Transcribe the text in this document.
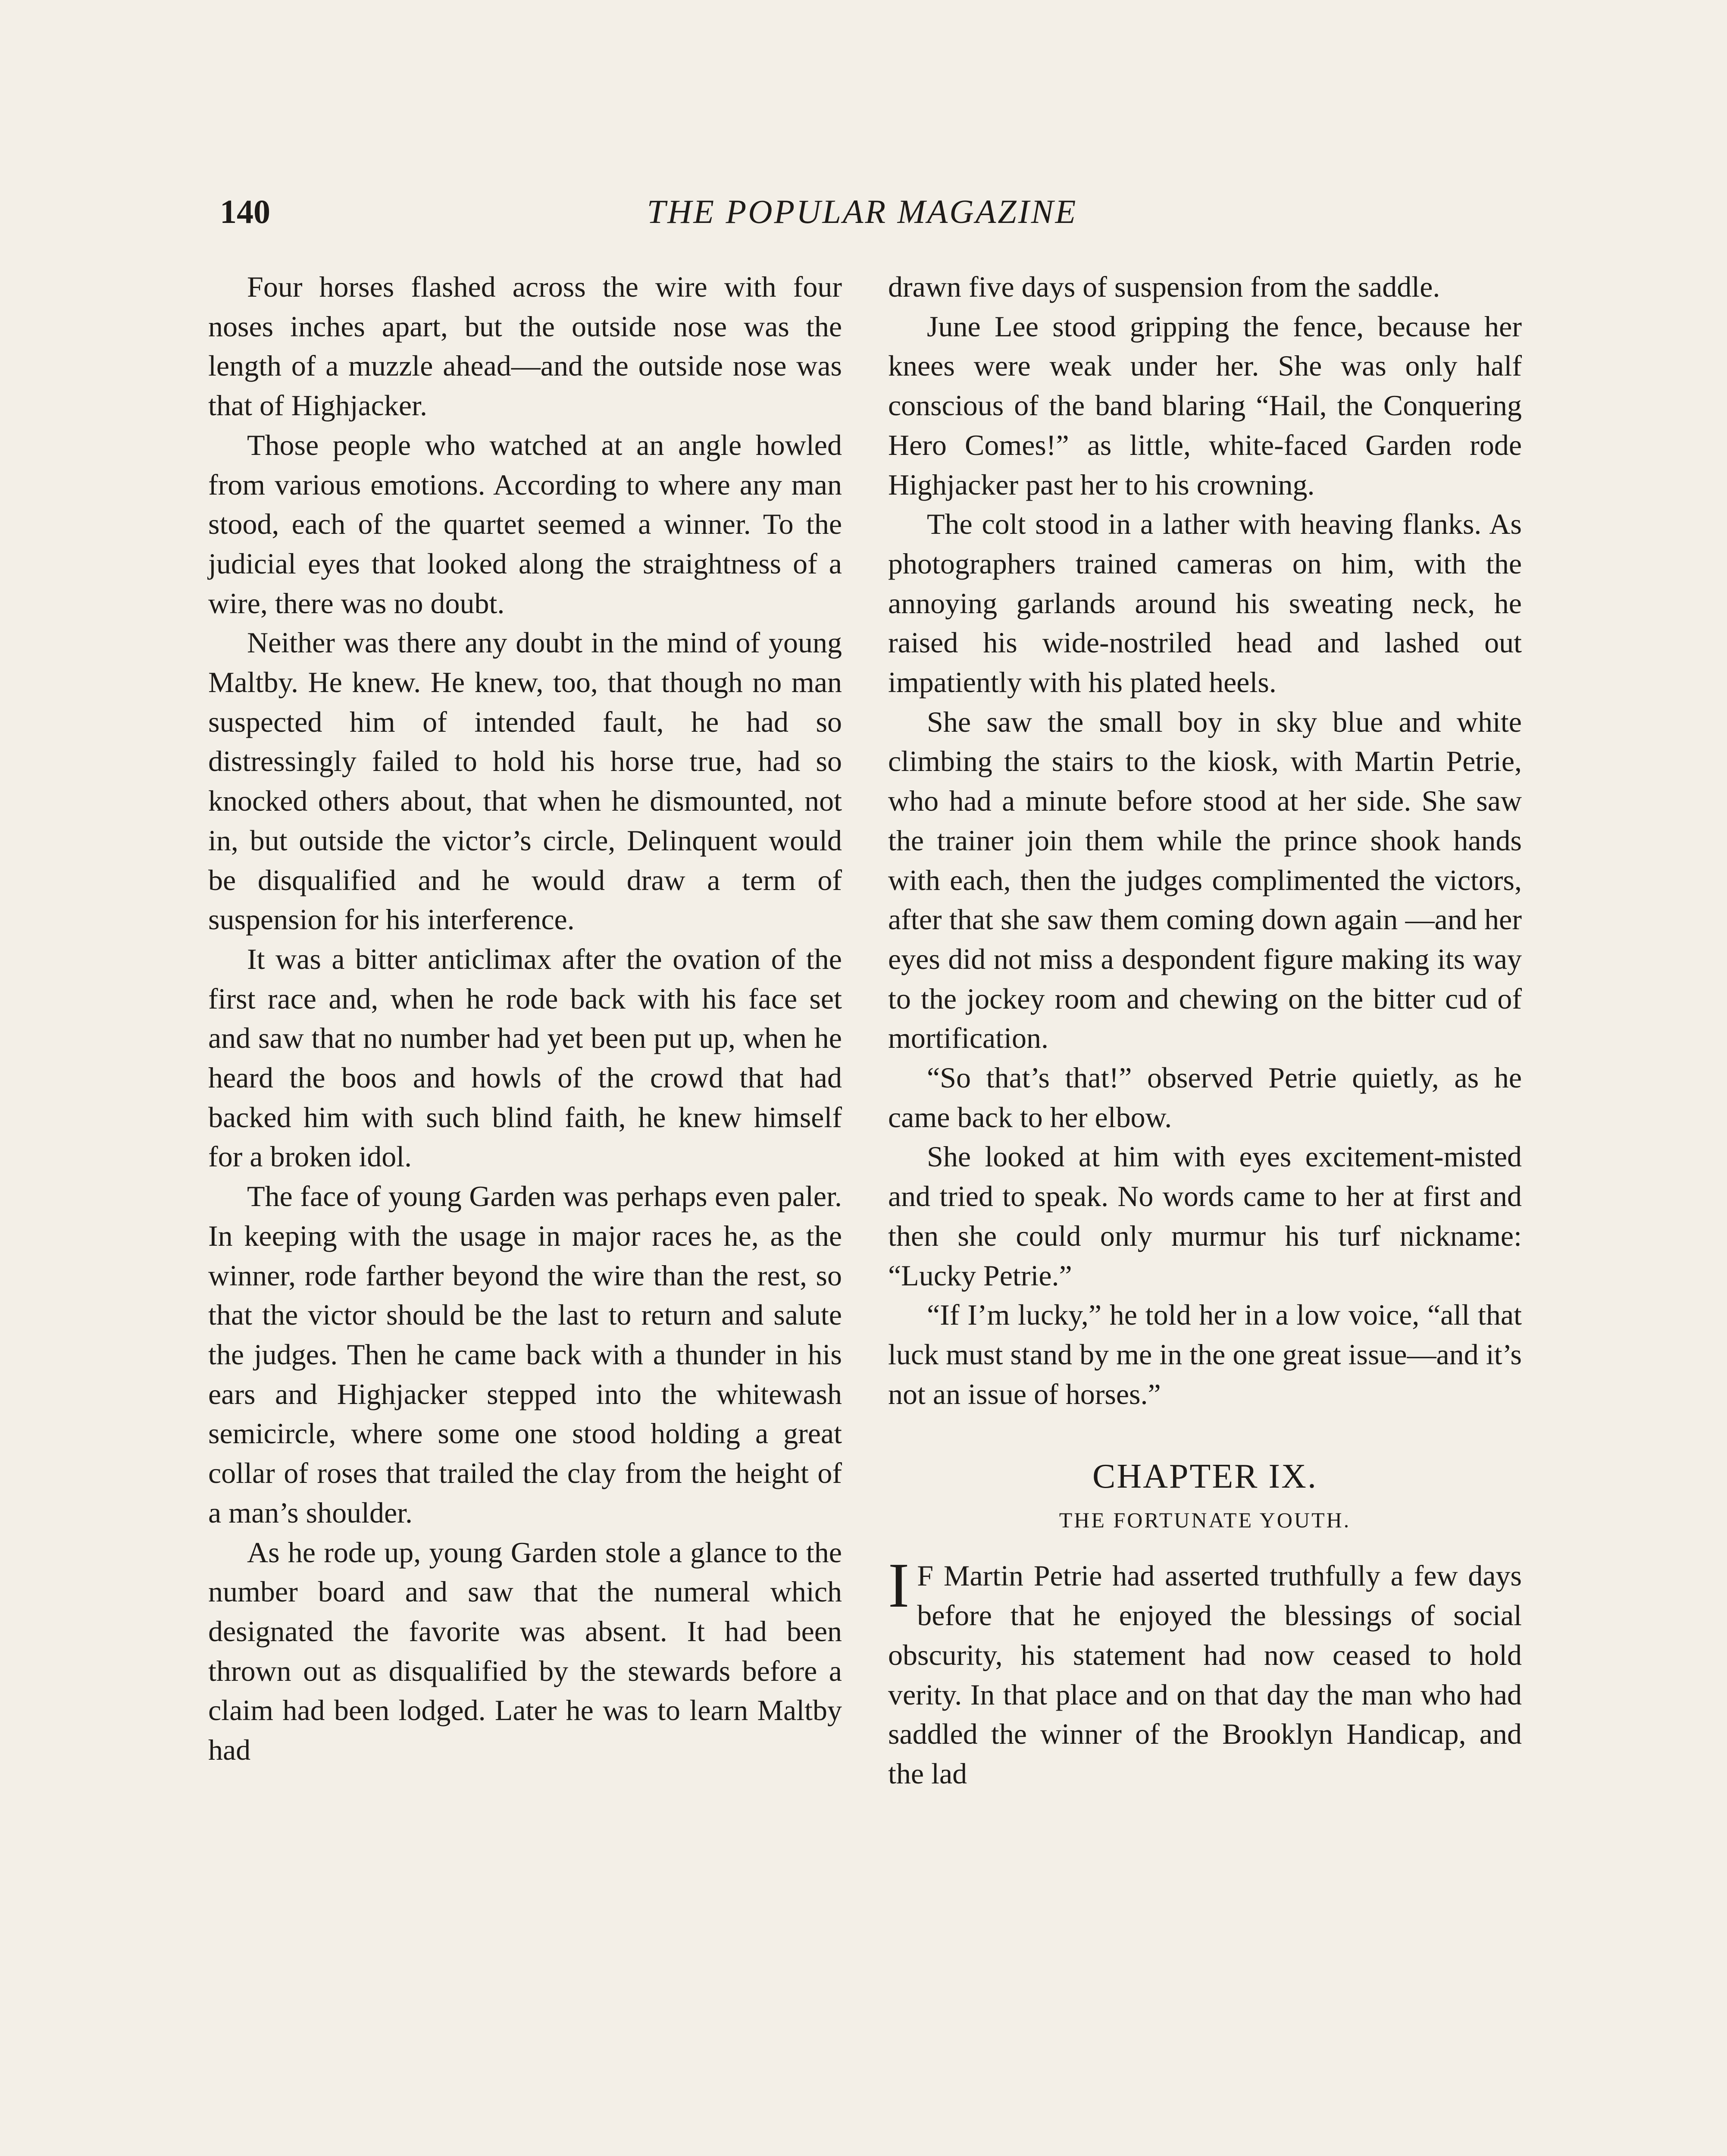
140	THE POPULAR MAGAZINE

Four horses flashed across the wire with four noses inches apart, but the outside nose was the length of a muzzle ahead—and the outside nose was that of Highjacker.

Those people who watched at an angle howled from various emotions. According to where any man stood, each of the quartet seemed a winner. To the judicial eyes that looked along the straightness of a wire, there was no doubt.

Neither was there any doubt in the mind of young Maltby. He knew. He knew, too, that though no man suspected him of intended fault, he had so distressingly failed to hold his horse true, had so knocked others about, that when he dismounted, not in, but outside the victor’s circle, Delinquent would be disqualified and he would draw a term of suspension for his interference.

It was a bitter anticlimax after the ovation of the first race and, when he rode back with his face set and saw that no number had yet been put up, when he heard the boos and howls of the crowd that had backed him with such blind faith, he knew himself for a broken idol.

The face of young Garden was perhaps even paler. In keeping with the usage in major races he, as the winner, rode farther beyond the wire than the rest, so that the victor should be the last to return and salute the judges. Then he came back with a thunder in his ears and Highjacker stepped into the whitewash semicircle, where some one stood holding a great collar of roses that trailed the clay from the height of a man’s shoulder.

As he rode up, young Garden stole a glance to the number board and saw that the numeral which designated the favorite was absent. It had been thrown out as disqualified by the stewards before a claim had been lodged. Later he was to learn Maltby had

drawn five days of suspension from the saddle.

June Lee stood gripping the fence, because her knees were weak under her. She was only half conscious of the band blaring “Hail, the Conquering Hero Comes!” as little, white-faced Garden rode Highjacker past her to his crowning.

The colt stood in a lather with heaving flanks. As photographers trained cameras on him, with the annoying garlands around his sweating neck, he raised his wide-nostriled head and lashed out impatiently with his plated heels.

She saw the small boy in sky blue and white climbing the stairs to the kiosk, with Martin Petrie, who had a minute before stood at her side. She saw the trainer join them while the prince shook hands with each, then the judges complimented the victors, after that she saw them coming down again —and her eyes did not miss a despondent figure making its way to the jockey room and chewing on the bitter cud of mortification.

“So that’s that!” observed Petrie quietly, as he came back to her elbow.

She looked at him with eyes excitement-misted and tried to speak. No words came to her at first and then she could only murmur his turf nickname: “Lucky Petrie.”

“If I’m lucky,” he told her in a low voice, “all that luck must stand by me in the one great issue—and it’s not an issue of horses.”

CHAPTER IX.
THE FORTUNATE YOUTH.

I F Martin Petrie had asserted truthfully a few days before that he enjoyed the blessings of social obscurity, his statement had now ceased to hold verity. In that place and on that day the man who had saddled the winner of the Brooklyn Handicap, and the lad
